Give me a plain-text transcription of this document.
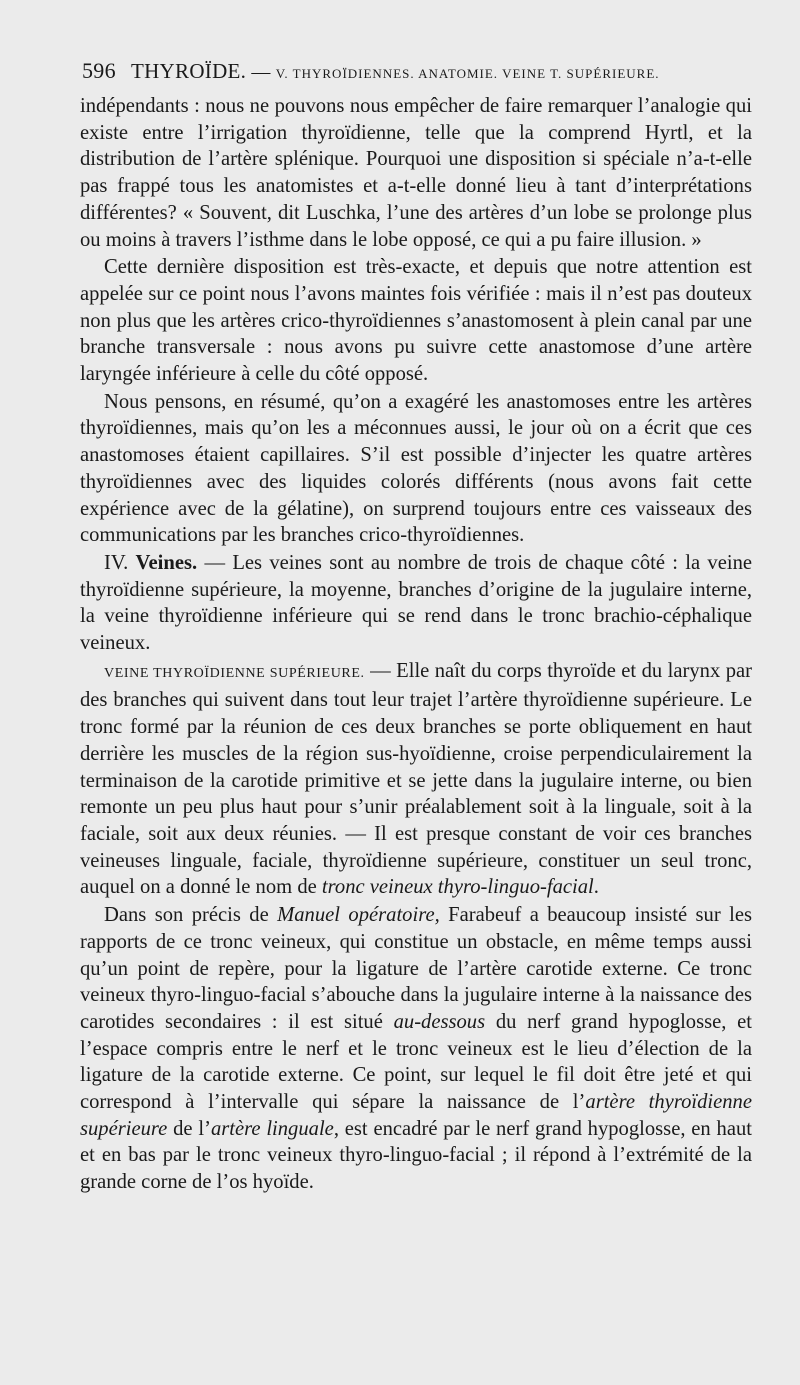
596 THYROÏDE. — V. THYROÏDIENNES. ANATOMIE. VEINE T. SUPÉRIEURE.

indépendants : nous ne pouvons nous empêcher de faire remarquer l’analogie qui existe entre l’irrigation thyroïdienne, telle que la comprend Hyrtl, et la distribution de l’artère splénique. Pourquoi une disposition si spéciale n’a-t-elle pas frappé tous les anatomistes et a-t-elle donné lieu à tant d’interprétations différentes? « Souvent, dit Luschka, l’une des artères d’un lobe se prolonge plus ou moins à travers l’isthme dans le lobe opposé, ce qui a pu faire illusion. »

Cette dernière disposition est très-exacte, et depuis que notre attention est appelée sur ce point nous l’avons maintes fois vérifiée : mais il n’est pas douteux non plus que les artères crico-thyroïdiennes s’anastomosent à plein canal par une branche transversale : nous avons pu suivre cette anastomose d’une artère laryngée inférieure à celle du côté opposé.

Nous pensons, en résumé, qu’on a exagéré les anastomoses entre les artères thyroïdiennes, mais qu’on les a méconnues aussi, le jour où on a écrit que ces anastomoses étaient capillaires. S’il est possible d’injecter les quatre artères thyroïdiennes avec des liquides colorés différents (nous avons fait cette expérience avec de la gélatine), on surprend toujours entre ces vaisseaux des communications par les branches crico-thyroïdiennes.

IV. Veines. — Les veines sont au nombre de trois de chaque côté : la veine thyroïdienne supérieure, la moyenne, branches d’origine de la jugulaire interne, la veine thyroïdienne inférieure qui se rend dans le tronc brachio-céphalique veineux.

VEINE THYROÏDIENNE SUPÉRIEURE. — Elle naît du corps thyroïde et du larynx par des branches qui suivent dans tout leur trajet l’artère thyroïdienne supérieure. Le tronc formé par la réunion de ces deux branches se porte obliquement en haut derrière les muscles de la région sus-hyoïdienne, croise perpendiculairement la terminaison de la carotide primitive et se jette dans la jugulaire interne, ou bien remonte un peu plus haut pour s’unir préalablement soit à la linguale, soit à la faciale, soit aux deux réunies. — Il est presque constant de voir ces branches veineuses linguale, faciale, thyroïdienne supérieure, constituer un seul tronc, auquel on a donné le nom de tronc veineux thyro-linguo-facial.

Dans son précis de Manuel opératoire, Farabeuf a beaucoup insisté sur les rapports de ce tronc veineux, qui constitue un obstacle, en même temps aussi qu’un point de repère, pour la ligature de l’artère carotide externe. Ce tronc veineux thyro-linguo-facial s’abouche dans la jugulaire interne à la naissance des carotides secondaires : il est situé au-dessous du nerf grand hypoglosse, et l’espace compris entre le nerf et le tronc veineux est le lieu d’élection de la ligature de la carotide externe. Ce point, sur lequel le fil doit être jeté et qui correspond à l’intervalle qui sépare la naissance de l’artère thyroïdienne supérieure de l’artère linguale, est encadré par le nerf grand hypoglosse, en haut et en bas par le tronc veineux thyro-linguo-facial ; il répond à l’extrémité de la grande corne de l’os hyoïde.
